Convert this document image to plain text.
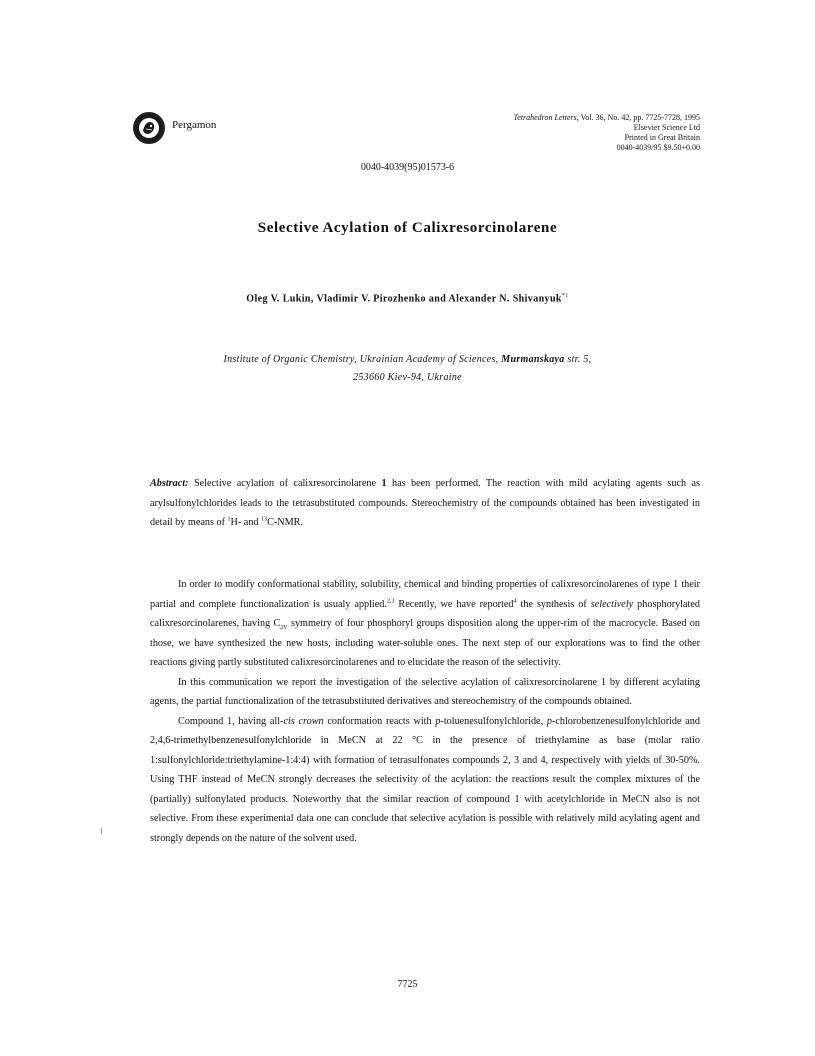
Pergamon
Tetrahedron Letters, Vol. 36, No. 42, pp. 7725-7728, 1995
Elsevier Science Ltd
Printed in Great Britain
0040-4039/95 $9.50+0.00
0040-4039(95)01573-6
Selective Acylation of Calixresorcinolarene
Oleg V. Lukin, Vladimir V. Pirozhenko and Alexander N. Shivanyuk$^{*1}$
Institute of Organic Chemistry, Ukrainian Academy of Sciences, Murmanskaya str. 5,
253660 Kiev-94, Ukraine
Abstract: Selective acylation of calixresorcinolarene 1 has been performed. The reaction with mild acylating agents such as arylsulfonylchlorides leads to the tetrasubstituted compounds. Stereochemistry of the compounds obtained has been investigated in detail by means of $^1$H- and $^{13}$C-NMR.

In order to modify conformational stability, solubility, chemical and binding properties of calixresorcinolarenes of type 1 their partial and complete functionalization is usualy applied.$^{2,3}$ Recently, we have reported$^4$ the synthesis of selectively phosphorylated calixresorcinolarenes, having $C_{2V}$ symmetry of four phosphoryl groups disposition along the upper-rim of the macrocycle. Based on those, we have synthesized the new hosts, including water-soluble ones. The next step of our explorations was to find the other reactions giving partly substituted calixresorcinolarenes and to elucidate the reason of the selectivity.

In this communication we report the investigation of the selective acylation of calixresorcinolarene 1 by different acylating agents, the partial functionalization of the tetrasubstituted derivatives and stereochemistry of the compounds obtained.

Compound 1, having all-cis crown conformation reacts with p-toluenesulfonylchloride, p-chlorobenzenesulfonylchloride and 2,4,6-trimethylbenzenesulfonylchloride in MeCN at 22 °C in the presence of triethylamine as base (molar ratio 1:sulfonylchloride:triethylamine-1:4:4) with formation of tetrasulfonates compounds 2, 3 and 4, respectively with yields of 30-50%. Using THF instead of MeCN strongly decreases the selectivity of the acylation: the reactions result the complex mixtures of the (partially) sulfonylated products. Noteworthy that the similar reaction of compound 1 with acetylchloride in MeCN also is not selective. From these experimental data one can conclude that selective acylation is possible with relatively mild acylating agent and strongly depends on the nature of the solvent used.

7725
